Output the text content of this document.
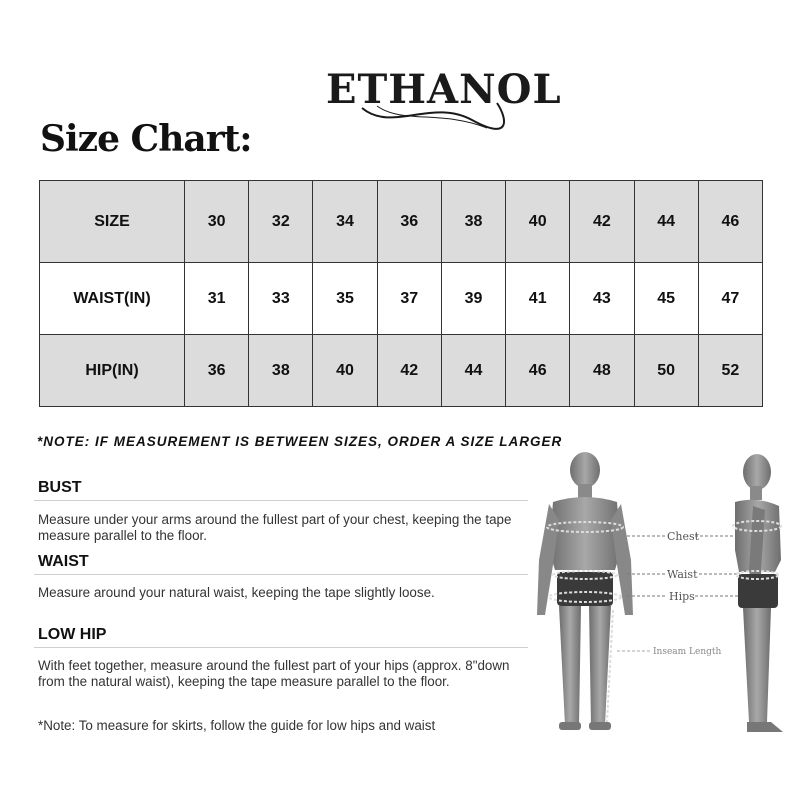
ETHANOL
Size Chart:
SIZE	30	32	34	36	38	40	42	44	46
WAIST(IN)	31	33	35	37	39	41	43	45	47
HIP(IN)	36	38	40	42	44	46	48	50	52
*NOTE: IF MEASUREMENT IS BETWEEN SIZES, ORDER A SIZE LARGER
BUST
Measure under your arms around the fullest part of your chest, keeping the tape measure parallel to the floor.
WAIST
Measure around your natural waist, keeping the tape slightly loose.
LOW HIP
With feet together, measure around the fullest part of your hips (approx. 8"down from the natural waist), keeping the tape measure parallel to the floor.
*Note: To measure for skirts, follow the guide for low hips and waist
Chest
Waist
Hips
Inseam Length
